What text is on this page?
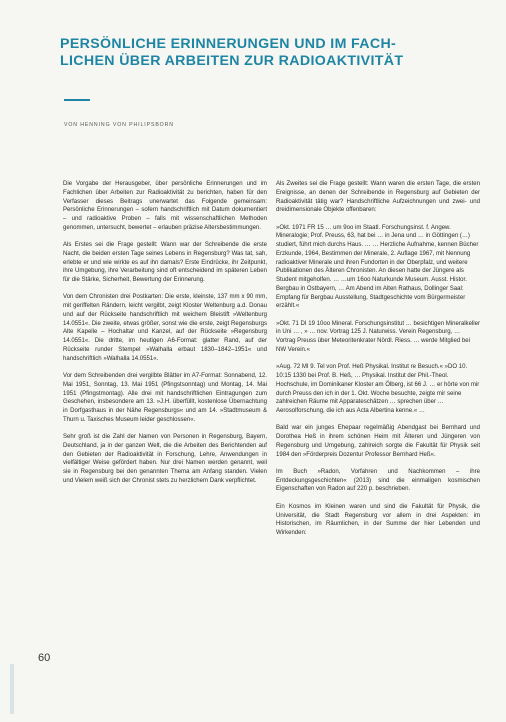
PERSÖNLICHE ERINNERUNGEN UND IM FACH-
LICHEN ÜBER ARBEITEN ZUR RADIOAKTIVITÄT
VON HENNING VON PHILIPSBORN

Die Vorgabe der Herausgeber, über persönliche Erinnerungen und im Fachlichen über Arbeiten zur Radioaktivität zu berichten, haben für den Verfasser dieses Beitrags unerwartet das Folgende gemeinsam: Persönliche Erinnerungen – sofern handschriftlich mit Datum dokumentiert – und radioaktive Proben – falls mit wissenschaftlichen Methoden genommen, untersucht, bewertet – erlauben präzise Altersbestimmungen.

Als Erstes sei die Frage gestellt: Wann war der Schreibende die erste Nacht, die beiden ersten Tage seines Lebens in Regensburg? Was tat, sah, erlebte er und wie wirkte es auf ihn damals? Erste Eindrücke, ihr Zeitpunkt, ihre Umgebung, ihre Verarbeitung sind oft entscheidend im späteren Leben für die Stärke, Sicherheit, Bewertung der Erinnerung.

Von dem Chronisten drei Postkarten: Die erste, kleinste, 137 mm x 90 mm, mit geriffelten Rändern, leicht vergilbt, zeigt Kloster Weltenburg a.d. Donau und auf der Rückseite handschriftlich mit weichem Bleistift »Weltenburg 14.0551«. Die zweite, etwas größer, sonst wie die erste, zeigt Regensburgs Alte Kapelle – Hochaltar und Kanzel, auf der Rückseite »Regensburg 14.0551«. Die dritte, im heutigen A6-Format: glatter Rand, auf der Rückseite runder Stempel »Walhalla erbaut 1830–1842–1951« und handschriftlich »Walhalla 14.0551«.

Vor dem Schreibenden drei vergilbte Blätter im A7-Format: Sonnabend, 12. Mai 1951, Sonntag, 13. Mai 1951 (Pfingstsonntag) und Montag, 14. Mai 1951 (Pfingstmontag). Alle drei mit handschriftlichen Eintragungen zum Geschehen, insbesondere am 13. »J.H. überfüllt, kostenlose Übernachtung in Dorfgasthaus in der Nähe Regensburgs« und am 14. »Stadtmuseum & Thurn u. Taxisches Museum leider geschlossen«.

Sehr groß ist die Zahl der Namen von Personen in Regensburg, Bayern, Deutschland, ja in der ganzen Welt, die die Arbeiten des Berichtenden auf den Gebieten der Radioaktivität in Forschung, Lehre, Anwendungen in vielfältiger Weise gefördert haben. Nur drei Namen werden genannt, weil sie in Regensburg bei den genannten Thema am Anfang standen. Vielen und Vielem weiß sich der Chronist stets zu herzlichem Dank verpflichtet.

Als Zweites sei die Frage gestellt: Wann waren die ersten Tage, die ersten Ereignisse, an denen der Schreibende in Regensburg auf Gebieten der Radioaktivität tätig war? Handschriftliche Aufzeichnungen und zwei- und dreidimensionale Objekte offenbaren:

»Okt. 1971 FR 15 … um 9oo im Staatl. Forschungsinst. f. Angew. Mineralogie; Prof. Preuss, 63, hat bei … in Jena und … in Göttingen (…) studiert, führt mich durchs Haus. … … Herzliche Aufnahme, kennen Bücher Erzkunde, 1964, Bestimmen der Minerale, 2. Auflage 1967, mit Nennung radioaktiver Minerale und ihren Fundorten in der Oberpfalz, und weitere Publikationen des Älteren Chronisten. An diesen hatte der Jüngere als Student mitgeholfen. … …um 16oo Naturkunde Museum. Ausst. Histor. Bergbau in Ostbayern, … Am Abend im Alten Rathaus, Dollinger Saal: Empfang für Bergbau Ausstellung, Stadtgeschichte vom Bürgermeister erzählt.«

»Okt. 71 DI 19 10oo Mineral. Forschungsinstitut … besichtigen Mineralkeller in Uni … , » … nov. Vortrag 125 J. Naturwiss. Verein Regensburg, … Vortrag Preuss über Meteoritenkrater Nördl. Riess. … werde Mitglied bei NW Verein.«

»Aug. 72 MI 9. Tel von Prof. Heß Physikal. Institut re Besuch.« »DO 10. 10:15 1330 bei Prof. B. Heß, … Physikal. Institut der Phil.-Theol. Hochschule, im Dominikaner Kloster am Ölberg, ist 66 J. … er hörte von mir durch Preuss den ich in der 1. Okt. Woche besuchte, zeigte mir seine zahlreichen Räume mit Apparateschätzen … sprechen über … Aerosolforschung, die ich aus Acta Albertina kenne.« …

Bald war ein junges Ehepaar regelmäßig Abendgast bei Bernhard und Dorothea Heß in ihrem schönen Heim mit Älteren und Jüngeren von Regensburg und Umgebung, zahlreich sorgte die Fakultät für Physik seit 1984 den »Förderpreis Dozentur Professor Bernhard Heß«.

Im Buch »Radon, Vorfahren und Nachkommen – ihre Entdeckungsgeschichten« (2013) sind die einmaligen kosmischen Eigenschaften von Radon auf 220 p. beschrieben.

Ein Kosmos im Kleinen waren und sind die Fakultät für Physik, die Universität, die Stadt Regensburg vor allem in drei Aspekten: im Historischen, im Räumlichen, in der Summe der hier Lebenden und Wirkenden:

60
